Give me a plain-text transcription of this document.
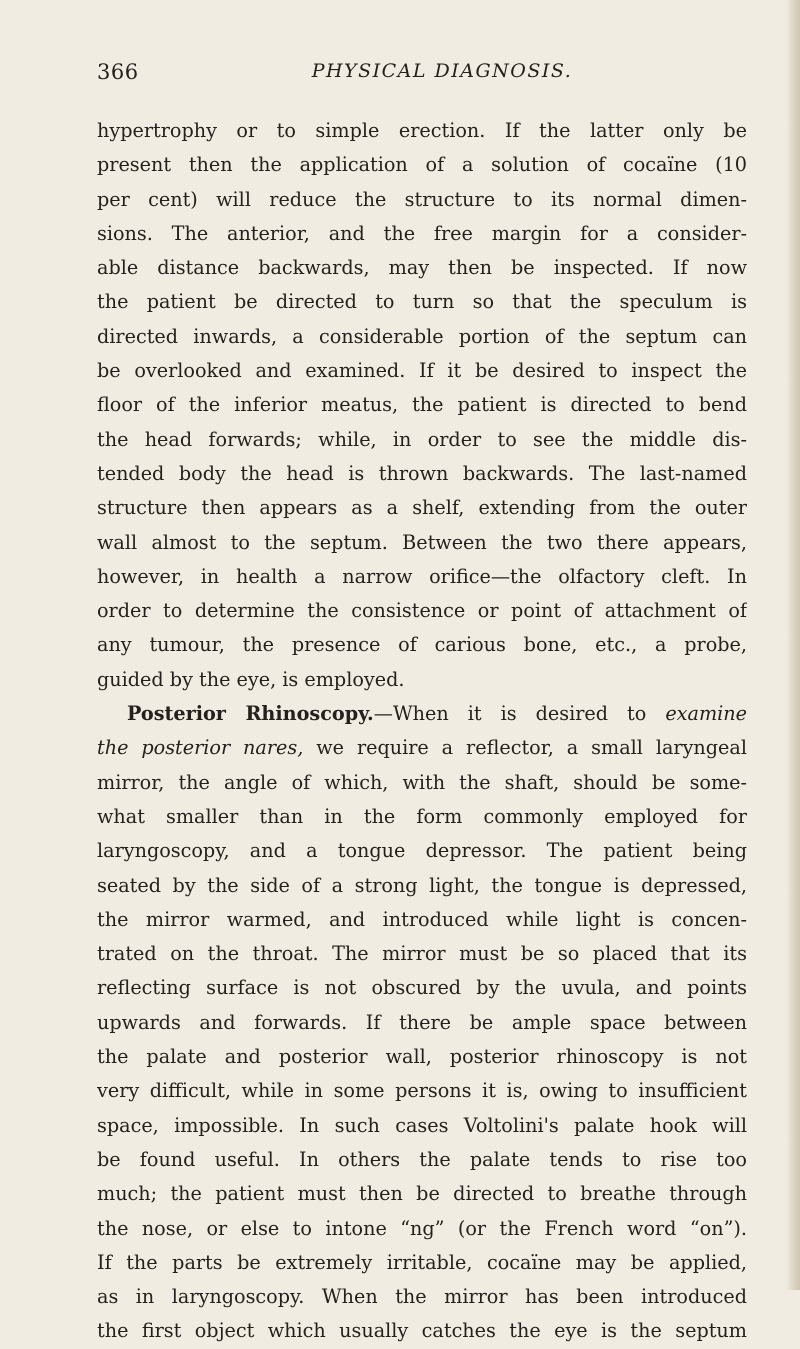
366	PHYSICAL DIAGNOSIS.
hypertrophy or to simple erection. If the latter only be
present then the application of a solution of cocaïne (10
per cent) will reduce the structure to its normal dimen-
sions. The anterior, and the free margin for a consider-
able distance backwards, may then be inspected. If now
the patient be directed to turn so that the speculum is
directed inwards, a considerable portion of the septum can
be overlooked and examined. If it be desired to inspect the
floor of the inferior meatus, the patient is directed to bend
the head forwards; while, in order to see the middle dis-
tended body the head is thrown backwards. The last-named
structure then appears as a shelf, extending from the outer
wall almost to the septum. Between the two there appears,
however, in health a narrow orifice—the olfactory cleft. In
order to determine the consistence or point of attachment of
any tumour, the presence of carious bone, etc., a probe,
guided by the eye, is employed.
Posterior Rhinoscopy.—When it is desired to examine
the posterior nares, we require a reflector, a small laryngeal
mirror, the angle of which, with the shaft, should be some-
what smaller than in the form commonly employed for
laryngoscopy, and a tongue depressor. The patient being
seated by the side of a strong light, the tongue is depressed,
the mirror warmed, and introduced while light is concen-
trated on the throat. The mirror must be so placed that its
reflecting surface is not obscured by the uvula, and points
upwards and forwards. If there be ample space between
the palate and posterior wall, posterior rhinoscopy is not
very difficult, while in some persons it is, owing to insufficient
space, impossible. In such cases Voltolini's palate hook will
be found useful. In others the palate tends to rise too
much; the patient must then be directed to breathe through
the nose, or else to intone “ng” (or the French word “on”).
If the parts be extremely irritable, cocaïne may be applied,
as in laryngoscopy. When the mirror has been introduced
the first object which usually catches the eye is the septum
